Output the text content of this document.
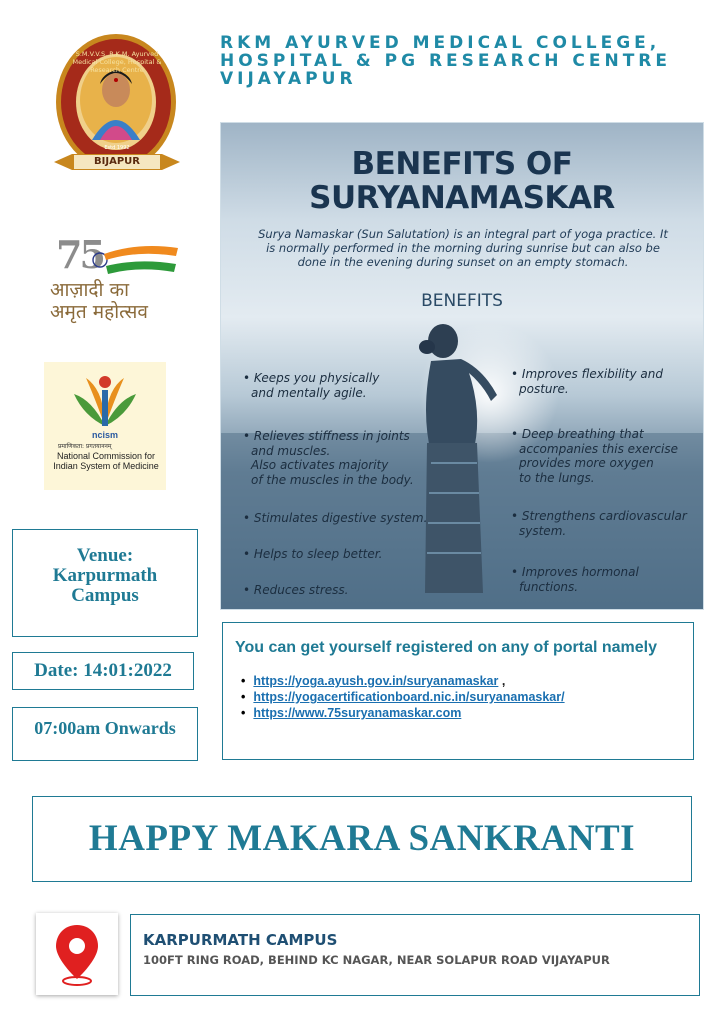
RKM AYURVED MEDICAL COLLEGE,
HOSPITAL & PG RESEARCH CENTRE
VIJAYAPUR
S.M.V.V.S. R.K.M. Ayurved Medical College, Hospital & Research Centre
Estd 1992
BIJAPUR
75
आज़ादी का
अमृत महोत्सव
ncism
प्रमाणिकता: प्रगतयाननम्
National Commission for Indian System of Medicine
Venue:
Karpurmath
Campus
Date: 14:01:2022
07:00am Onwards
BENEFITS OF
SURYANAMASKAR
Surya Namaskar (Sun Salutation) is an integral part of yoga practice. It
is normally performed in the morning during sunrise but can also be
done in the evening during sunset on an empty stomach.
BENEFITS
• Keeps you physically
and mentally agile.
• Relieves stiffness in joints
and muscles.
Also activates majority
of the muscles in the body.
• Stimulates digestive system.
• Helps to sleep better.
• Reduces stress.
• Improves flexibility and
posture.
• Deep breathing that
accompanies this exercise
provides more oxygen
to the lungs.
• Strengthens cardiovascular
system.
• Improves hormonal
functions.
You can get yourself registered on any of portal namely
• https://yoga.ayush.gov.in/suryanamaskar ,
• https://yogacertificationboard.nic.in/suryanamaskar/
• https://www.75suryanamaskar.com
HAPPY MAKARA SANKRANTI
KARPURMATH CAMPUS
100FT RING ROAD, BEHIND KC NAGAR, NEAR SOLAPUR ROAD VIJAYAPUR
